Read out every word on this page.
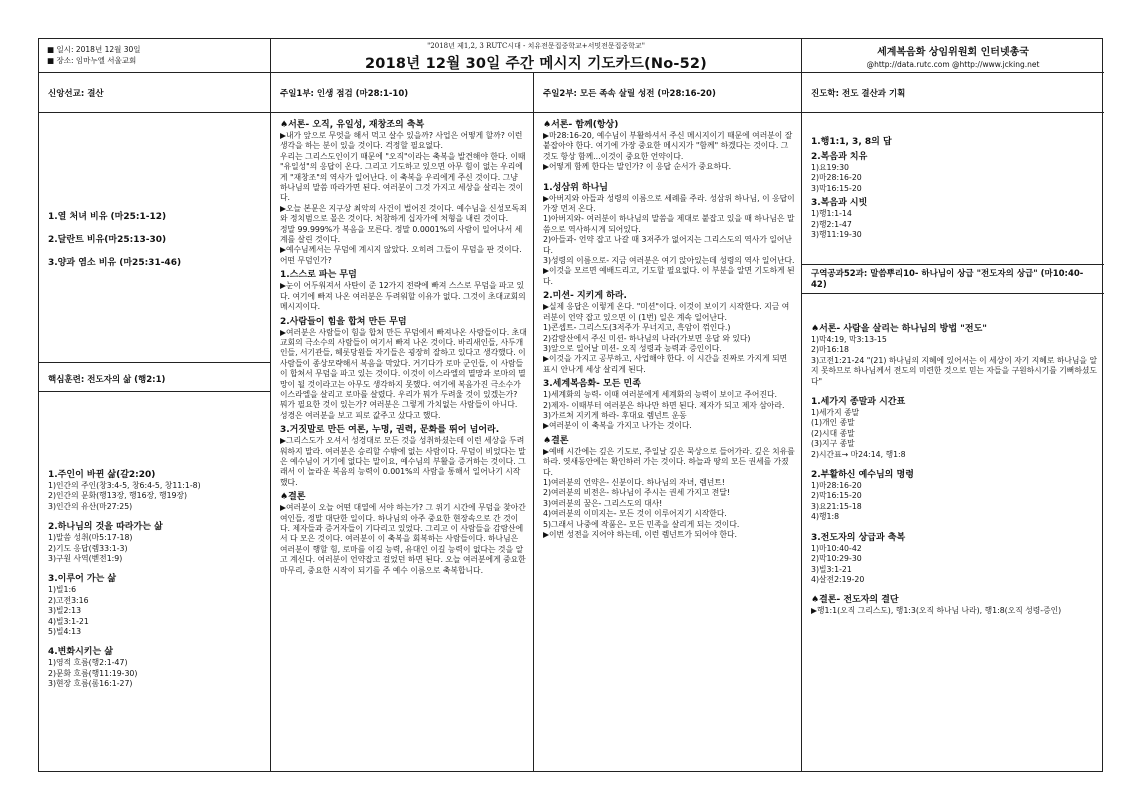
■ 일시: 2018년 12월 30일
■ 장소: 임마누엘 서울교회
"2018년 제1,2, 3 RUTC시대 - 치유전문집중학교+서밋전문집중학교"
2018년 12월 30일 주간 메시지 기도카드(No-52)
세계복음화 상임위원회 인터넷총국
@http://data.rutc.com @http://www.jcking.net
신앙선교: 결산

1.열 처녀 비유 (마25:1-12)

2.달란트 비유(마25:13-30)

3.양과 염소 비유 (마25:31-46)

핵심훈련: 전도자의 삶 (행2:1)

1.주인이 바뀐 삶(갈2:20)

1)인간의 주인(창3:4-5, 창6:4-5, 창11:1-8)

2)인간의 문화(행13장, 행16장, 행19장)

3)인간의 유산(마27:25)

2.하나님의 것을 따라가는 삶

1)말씀 성취(마5:17-18)

2)기도 응답(렘33:1-3)

3)구원 사역(벧전1:9)

3.이루어 가는 삶

1)빌1:6

2)고전3:16

3)빌2:13

4)빌3:1-21

5)빌4:13

4.변화시키는 삶

1)영적 흐름(행2:1-47)

2)문화 흐름(행11:19-30)

3)현장 흐름(롬16:1-27)

주일1부: 인생 점검 (마28:1-10)

♠서론- 오직, 유일성, 재창조의 축복

▶내가 앞으로 무엇을 해서 먹고 살수 있을까? 사업은 어떻게 할까? 이런 생각을 하는 분이 있을 것이다. 걱정할 필요없다.

우리는 그리스도인이기 때문에 "오직"이라는 축복을 발견해야 한다. 이때 "유일성"의 응답이 온다. 그리고 기도하고 있으면 아무 힘이 없는 우리에게 "재창조"의 역사가 일어난다. 이 축복을 우리에게 주신 것이다. 그냥 하나님의 말씀 따라가면 된다. 여러분이 그것 가지고 세상을 살리는 것이다.

▶오늘 본문은 지구상 최악의 사건이 벌어진 것이다. 예수님을 신성모독죄와 정치범으로 몰은 것이다. 처참하게 십자가에 처형을 내린 것이다.

정말 99.999%가 복음을 모른다. 정말 0.0001%의 사람이 일어나서 세계를 살린 것이다.

▶예수님께서는 무덤에 계시지 않았다. 오히려 그들이 무덤을 판 것이다. 어떤 무덤인가?

1.스스로 파는 무덤

▶눈이 어두워져서 사탄이 준 12가지 전략에 빠져 스스로 무덤을 파고 있다. 여기에 빠져 나온 여러분은 두려워할 이유가 없다. 그것이 초대교회의 메시지이다.

2.사람들이 힘을 합쳐 만든 무덤

▶여러분은 사람들이 힘을 합쳐 만든 무덤에서 빠져나온 사람들이다. 초대교회의 극소수의 사람들이 여기서 빠져 나온 것이다. 바리새인들, 사두개인들, 서기관들, 헤롯당원들 자기들은 굉장히 잘하고 있다고 생각했다. 이 사람들이 종상모략해서 복음을 막았다. 거기다가 로마 군인들, 이 사람들이 합쳐서 무덤을 파고 있는 것이다. 이것이 이스라엘의 멸망과 로마의 멸망이 될 것이라고는 아무도 생각하지 못했다. 여기에 복음가진 극소수가 이스라엘을 살리고 로마를 살렸다. 우리가 뭐가 두려울 것이 있겠는가? 뭐가 필요한 것이 있는가? 여러분은 그렇게 가치없는 사람들이 아니다. 성경은 여러분을 보고 피로 값주고 샀다고 했다.

3.거짓말로 만든 여론, 누명, 권력, 문화를 뛰어 넘어라.

▶그리스도가 오셔서 성경대로 모든 것을 성취하셨는데 이런 세상을 두려워하지 말라. 여러분은 승리할 수밖에 없는 사람이다. 무덤이 비었다는 말은 예수님이 거기에 없다는 말이요, 예수님의 부활을 증거하는 것이다. 그래서 이 놀라운 복음의 능력이 0.001%의 사람을 통해서 일어나기 시작했다.

♠결론

▶여러분이 오늘 어떤 대열에 서야 하는가? 그 위기 시간에 무덤을 찾아간 여인들, 정말 대단한 일이다. 하나님의 아주 중요한 현장속으로 간 것이다. 제자들과 증거자들이 기다리고 있었다. 그리고 이 사람들을 감람산에서 다 모은 것이다. 여러분이 이 축복을 회복하는 사람들이다. 하나님은 여러분이 행할 힘, 로마를 이길 능력, 유대인 이길 능력이 없다는 것을 알고 계신다. 여러분이 언약잡고 걸었던 하면 된다. 오늘 여러분에게 중요한 마무리, 중요한 시작이 되기를 주 예수 이름으로 축복합니다.

주일2부: 모든 족속 살릴 성전 (마28:16-20)

♠서론- 함께(항상)

▶마28:16-20, 예수님이 부활하셔서 주신 메시지이기 때문에 여러분이 잘 붙잡아야 한다. 여기에 가장 중요한 메시지가 "함께" 하겠다는 것이다. 그것도 항상 함께...이것이 중요한 언약이다.

▶어떻게 함께 한다는 말인가? 이 응답 순서가 중요하다.

1.성삼위 하나님

▶아버지와 아들과 성령의 이름으로 세례를 주라. 성삼위 하나님, 이 응답이 가장 먼저 온다.

1)아버지와- 여러분이 하나님의 말씀을 제대로 붙잡고 있을 때 하나님은 말씀으로 역사하시게 되어있다.

2)아들과- 언약 잡고 나갈 때 3저주가 없어지는 그리스도의 역사가 일어난다.

3)성령의 이름으로- 지금 여러분은 여기 앉아있는데 성령의 역사 일어난다.

▶이것을 모르면 예배드리고, 기도할 필요없다. 이 부분을 알면 기도하게 된다.

2.미션- 지키게 하라.

▶실제 응답은 이렇게 온다. "미션"이다. 이것이 보이기 시작한다. 지금 여러분이 언약 잡고 있으면 이 (1번) 일은 계속 일어난다.

1)콘셉트- 그리스도(3저주가 무너지고, 흑암이 꺾인다.)

2)감람산에서 주신 미션- 하나님의 나라(가보면 응답 와 있다)

3)앞으로 일어날 미션- 오직 성령과 능력과 증인이다.

▶이것을 가지고 공부하고, 사업해야 한다. 이 시간을 진짜로 가지게 되면 표시 안나게 세상 살리게 된다.

3.세계복음화- 모든 민족

1)세계화의 능력- 이때 여러분에게 세계화의 능력이 보이고 주어진다.

2)제자- 이때부터 여러분은 하나만 하면 된다. 제자가 되고 제자 삼아라.

3)가르쳐 지키게 하라- 후대요 렘넌트 운동

▶여러분이 이 축복을 가지고 나가는 것이다.

♠결론

▶예배 시간에는 깊은 기도로, 주일날 깊은 묵상으로 들어가라. 깊은 치유를 하라. 엿새동안에는 확인하러 가는 것이다. 하늘과 땅의 모든 권세를 가졌다.

1)여러분의 언약은- 신분이다. 하나님의 자녀, 렘넌트!

2)여러분의 비전은- 하나님이 주시는 권세 가지고 전달!

3)여러분의 꿈은- 그리스도의 대사!

4)여러분의 이미지는- 모든 것이 이루어지기 시작한다.

5)그래서 나중에 작품은- 모든 민족을 살리게 되는 것이다.

▶이번 성전을 지어야 하는데, 이런 렘넌트가 되어야 한다.

진도학: 전도 결산과 기획

1.행1:1, 3, 8의 답

2.복음과 치유

1)요19:30

2)마28:16-20

3)막16:15-20

3.복음과 시빗

1)행1:1-14

2)행2:1-47

3)행11:19-30

구역공과52과: 말씀뿌리10- 하나님이 상급 "전도자의 상급" (마10:40-42)

♠서론- 사람을 살리는 하나님의 방법 "전도"

1)막4:19, 막3:13-15

2)마16:18

3)고전1:21-24 "(21) 하나님의 지혜에 있어서는 이 세상이 자기 지혜로 하나님을 알지 못하므로 하나님께서 전도의 미련한 것으로 믿는 자들을 구원하시기를 기뻐하셨도다"

1.세가지 종말과 시간표

1)세가지 종말

(1)개인 종말

(2)시대 종말

(3)지구 종말

2)시간표→ 마24:14, 행1:8

2.부활하신 예수님의 명령

1)마28:16-20

2)막16:15-20

3)요21:15-18

4)행1:8

3.전도자의 상급과 축복

1)마10:40-42

2)막10:29-30

3)빌3:1-21

4)살전2:19-20

♠결론- 전도자의 결단

▶행1:1(오직 그리스도), 행1:3(오직 하나님 나라), 행1:8(오직 성령-증인)
